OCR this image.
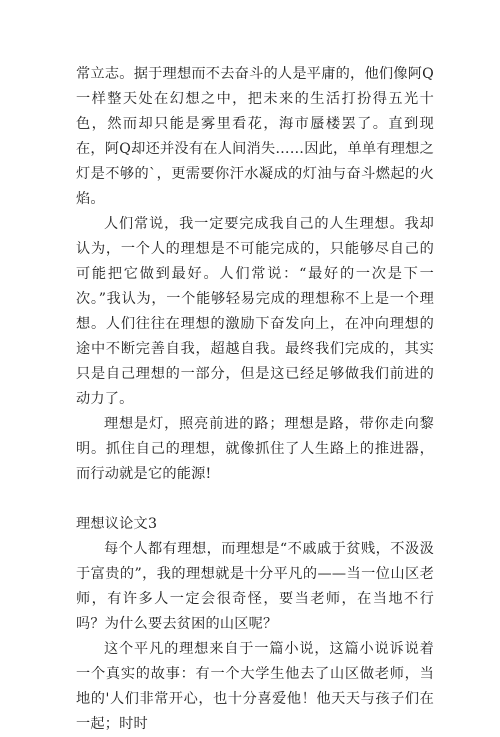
常立志。据于理想而不去奋斗的人是平庸的，他们像阿Q一样整天处在幻想之中，把未来的生活打扮得五光十色，然而却只能是雾里看花，海市蜃楼罢了。直到现在，阿Q却还并没有在人间消失……因此，单单有理想之灯是不够的`，更需要你汗水凝成的灯油与奋斗燃起的火焰。

人们常说，我一定要完成我自己的人生理想。我却认为，一个人的理想是不可能完成的，只能够尽自己的可能把它做到最好。人们常说：“最好的一次是下一次。”我认为，一个能够轻易完成的理想称不上是一个理想。人们往往在理想的激励下奋发向上，在冲向理想的途中不断完善自我，超越自我。最终我们完成的，其实只是自己理想的一部分，但是这已经足够做我们前进的动力了。

理想是灯，照亮前进的路；理想是路，带你走向黎明。抓住自己的理想，就像抓住了人生路上的推进器，而行动就是它的能源!

理想议论文3

每个人都有理想，而理想是“不戚戚于贫贱，不汲汲于富贵的”，我的理想就是十分平凡的——当一位山区老师，有许多人一定会很奇怪，要当老师，在当地不行吗？为什么要去贫困的山区呢？

这个平凡的理想来自于一篇小说，这篇小说诉说着一个真实的故事：有一个大学生他去了山区做老师，当地的'人们非常开心，也十分喜爱他！他天天与孩子们在一起；时时
